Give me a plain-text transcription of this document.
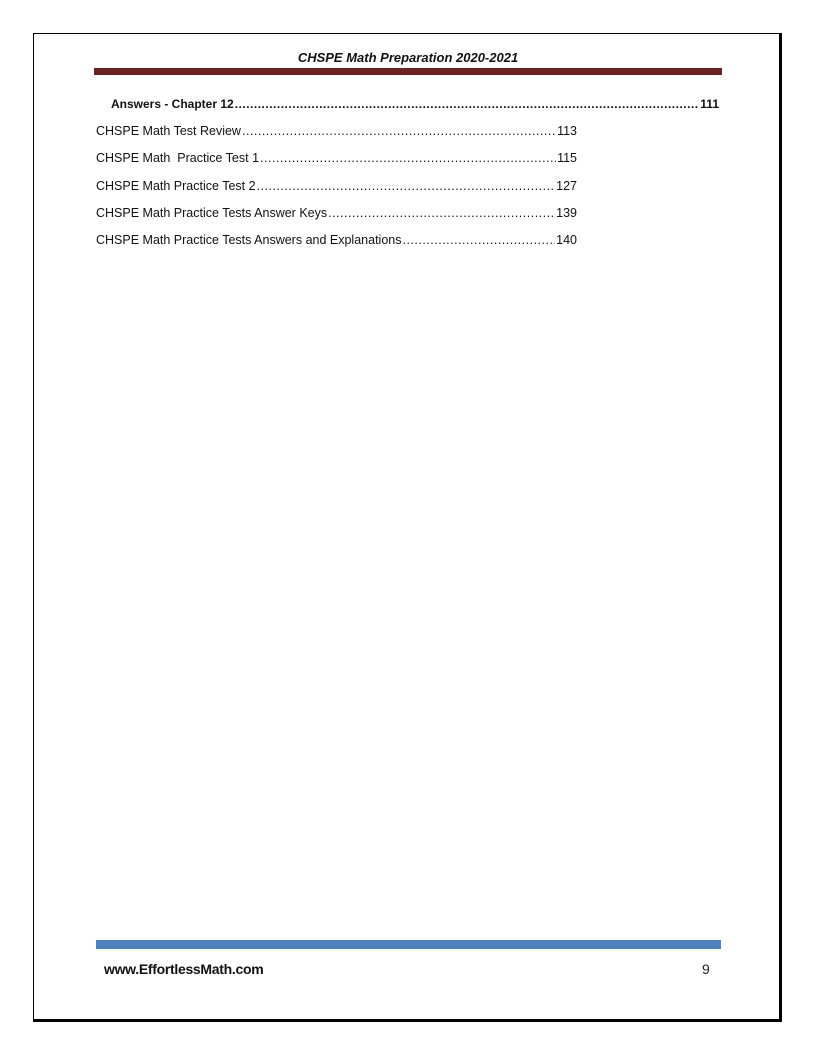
CHSPE Math Preparation 2020-2021
Answers - Chapter 12 .....	111
CHSPE Math Test Review .....	113
CHSPE Math  Practice Test 1 .....	115
CHSPE Math Practice Test 2 .....	127
CHSPE Math Practice Tests Answer Keys .....	139
CHSPE Math Practice Tests Answers and Explanations .....	140
www.EffortlessMath.com	9
